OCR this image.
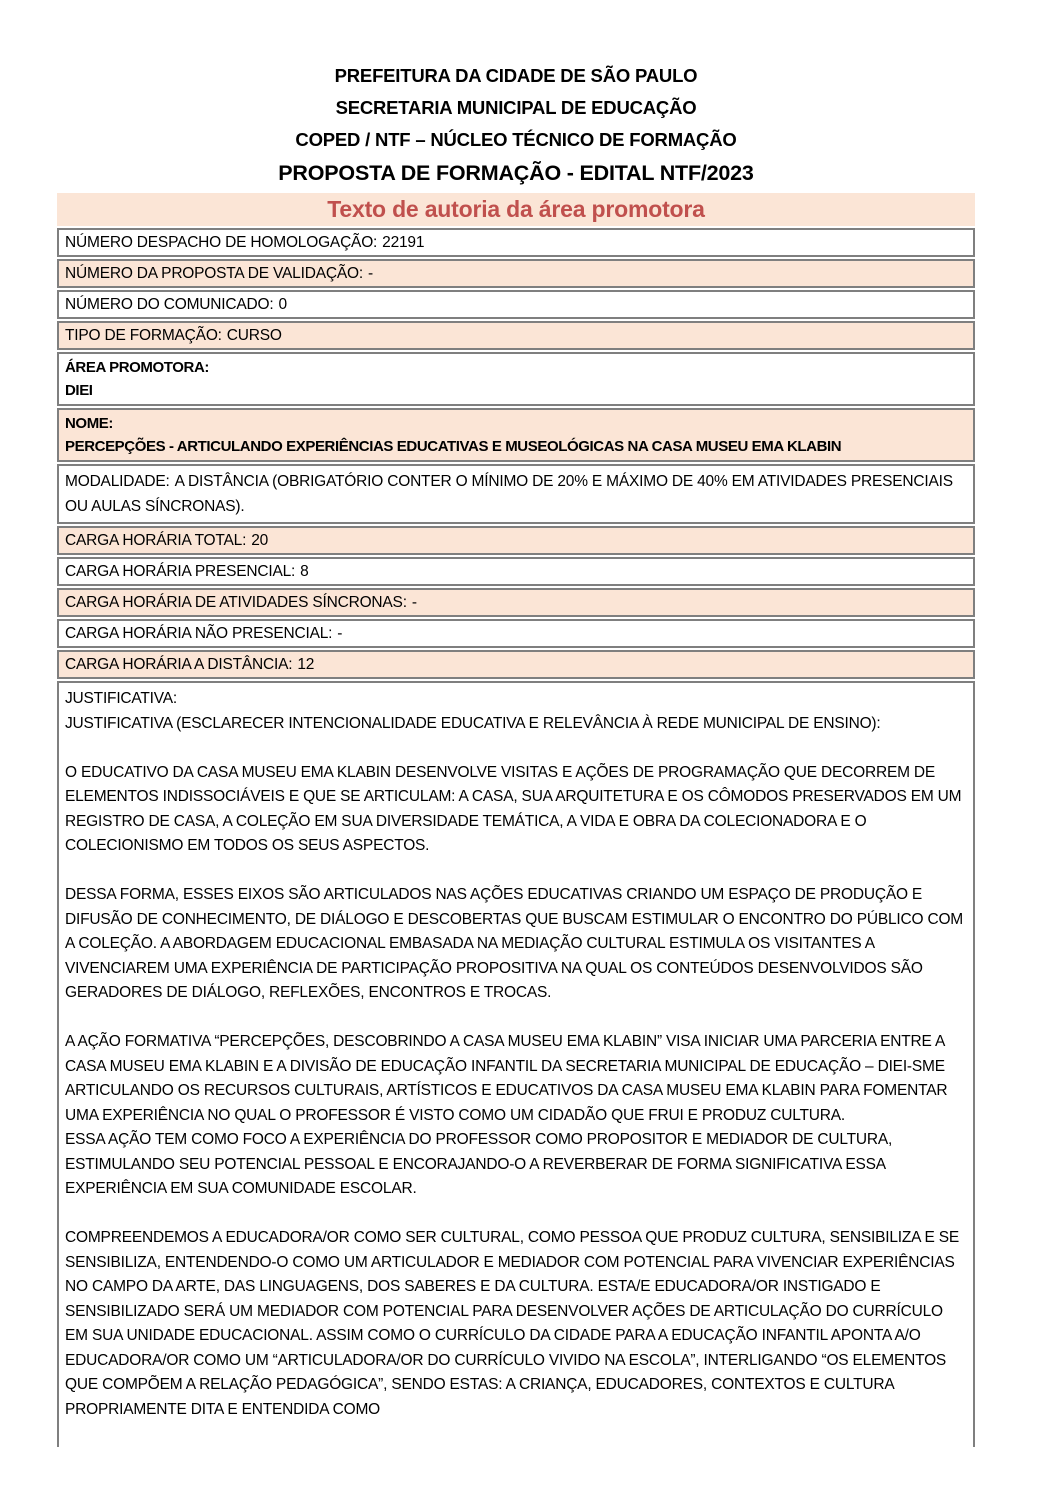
PREFEITURA DA CIDADE DE SÃO PAULO
SECRETARIA MUNICIPAL DE EDUCAÇÃO
COPED / NTF – NÚCLEO TÉCNICO DE FORMAÇÃO
PROPOSTA DE FORMAÇÃO - EDITAL NTF/2023
Texto de autoria da área promotora
NÚMERO DESPACHO DE HOMOLOGAÇÃO: 22191
NÚMERO DA PROPOSTA DE VALIDAÇÃO: -
NÚMERO DO COMUNICADO: 0
TIPO DE FORMAÇÃO: CURSO
ÁREA PROMOTORA:
DIEI
NOME:
PERCEPÇÕES - ARTICULANDO EXPERIÊNCIAS EDUCATIVAS E MUSEOLÓGICAS NA CASA MUSEU EMA KLABIN
MODALIDADE: A DISTÂNCIA (OBRIGATÓRIO CONTER O MÍNIMO DE 20% E MÁXIMO DE 40% EM ATIVIDADES PRESENCIAIS OU AULAS SÍNCRONAS).
CARGA HORÁRIA TOTAL: 20
CARGA HORÁRIA PRESENCIAL: 8
CARGA HORÁRIA DE ATIVIDADES SÍNCRONAS: -
CARGA HORÁRIA NÃO PRESENCIAL: -
CARGA HORÁRIA A DISTÂNCIA: 12

JUSTIFICATIVA:

JUSTIFICATIVA (ESCLARECER INTENCIONALIDADE EDUCATIVA E RELEVÂNCIA À REDE MUNICIPAL DE ENSINO):

O EDUCATIVO DA CASA MUSEU EMA KLABIN DESENVOLVE VISITAS E AÇÕES DE PROGRAMAÇÃO QUE DECORREM DE ELEMENTOS INDISSOCIÁVEIS E QUE SE ARTICULAM: A CASA, SUA ARQUITETURA E OS CÔMODOS PRESERVADOS EM UM REGISTRO DE CASA, A COLEÇÃO EM SUA DIVERSIDADE TEMÁTICA, A VIDA E OBRA DA COLECIONADORA E O COLECIONISMO EM TODOS OS SEUS ASPECTOS.

DESSA FORMA, ESSES EIXOS SÃO ARTICULADOS NAS AÇÕES EDUCATIVAS CRIANDO UM ESPAÇO DE PRODUÇÃO E DIFUSÃO DE CONHECIMENTO, DE DIÁLOGO E DESCOBERTAS QUE BUSCAM ESTIMULAR O ENCONTRO DO PÚBLICO COM A COLEÇÃO. A ABORDAGEM EDUCACIONAL EMBASADA NA MEDIAÇÃO CULTURAL ESTIMULA OS VISITANTES A VIVENCIAREM UMA EXPERIÊNCIA DE PARTICIPAÇÃO PROPOSITIVA NA QUAL OS CONTEÚDOS DESENVOLVIDOS SÃO GERADORES DE DIÁLOGO, REFLEXÕES, ENCONTROS E TROCAS.

A AÇÃO FORMATIVA “PERCEPÇÕES, DESCOBRINDO A CASA MUSEU EMA KLABIN” VISA INICIAR UMA PARCERIA ENTRE A CASA MUSEU EMA KLABIN E A DIVISÃO DE EDUCAÇÃO INFANTIL DA SECRETARIA MUNICIPAL DE EDUCAÇÃO – DIEI-SME ARTICULANDO OS RECURSOS CULTURAIS, ARTÍSTICOS E EDUCATIVOS DA CASA MUSEU EMA KLABIN PARA FOMENTAR UMA EXPERIÊNCIA NO QUAL O PROFESSOR É VISTO COMO UM CIDADÃO QUE FRUI E PRODUZ CULTURA.

ESSA AÇÃO TEM COMO FOCO A EXPERIÊNCIA DO PROFESSOR COMO PROPOSITOR E MEDIADOR DE CULTURA, ESTIMULANDO SEU POTENCIAL PESSOAL E ENCORAJANDO-O A REVERBERAR DE FORMA SIGNIFICATIVA ESSA EXPERIÊNCIA EM SUA COMUNIDADE ESCOLAR.

COMPREENDEMOS A EDUCADORA/OR COMO SER CULTURAL, COMO PESSOA QUE PRODUZ CULTURA, SENSIBILIZA E SE SENSIBILIZA, ENTENDENDO-O COMO UM ARTICULADOR E MEDIADOR COM POTENCIAL PARA VIVENCIAR EXPERIÊNCIAS NO CAMPO DA ARTE, DAS LINGUAGENS, DOS SABERES E DA CULTURA. ESTA/E EDUCADORA/OR INSTIGADO E SENSIBILIZADO SERÁ UM MEDIADOR COM POTENCIAL PARA DESENVOLVER AÇÕES DE ARTICULAÇÃO DO CURRÍCULO EM SUA UNIDADE EDUCACIONAL. ASSIM COMO O CURRÍCULO DA CIDADE PARA A EDUCAÇÃO INFANTIL APONTA A/O EDUCADORA/OR COMO UM “ARTICULADORA/OR DO CURRÍCULO VIVIDO NA ESCOLA”, INTERLIGANDO “OS ELEMENTOS QUE COMPÕEM A RELAÇÃO PEDAGÓGICA”, SENDO ESTAS: A CRIANÇA, EDUCADORES, CONTEXTOS E CULTURA PROPRIAMENTE DITA E ENTENDIDA COMO
